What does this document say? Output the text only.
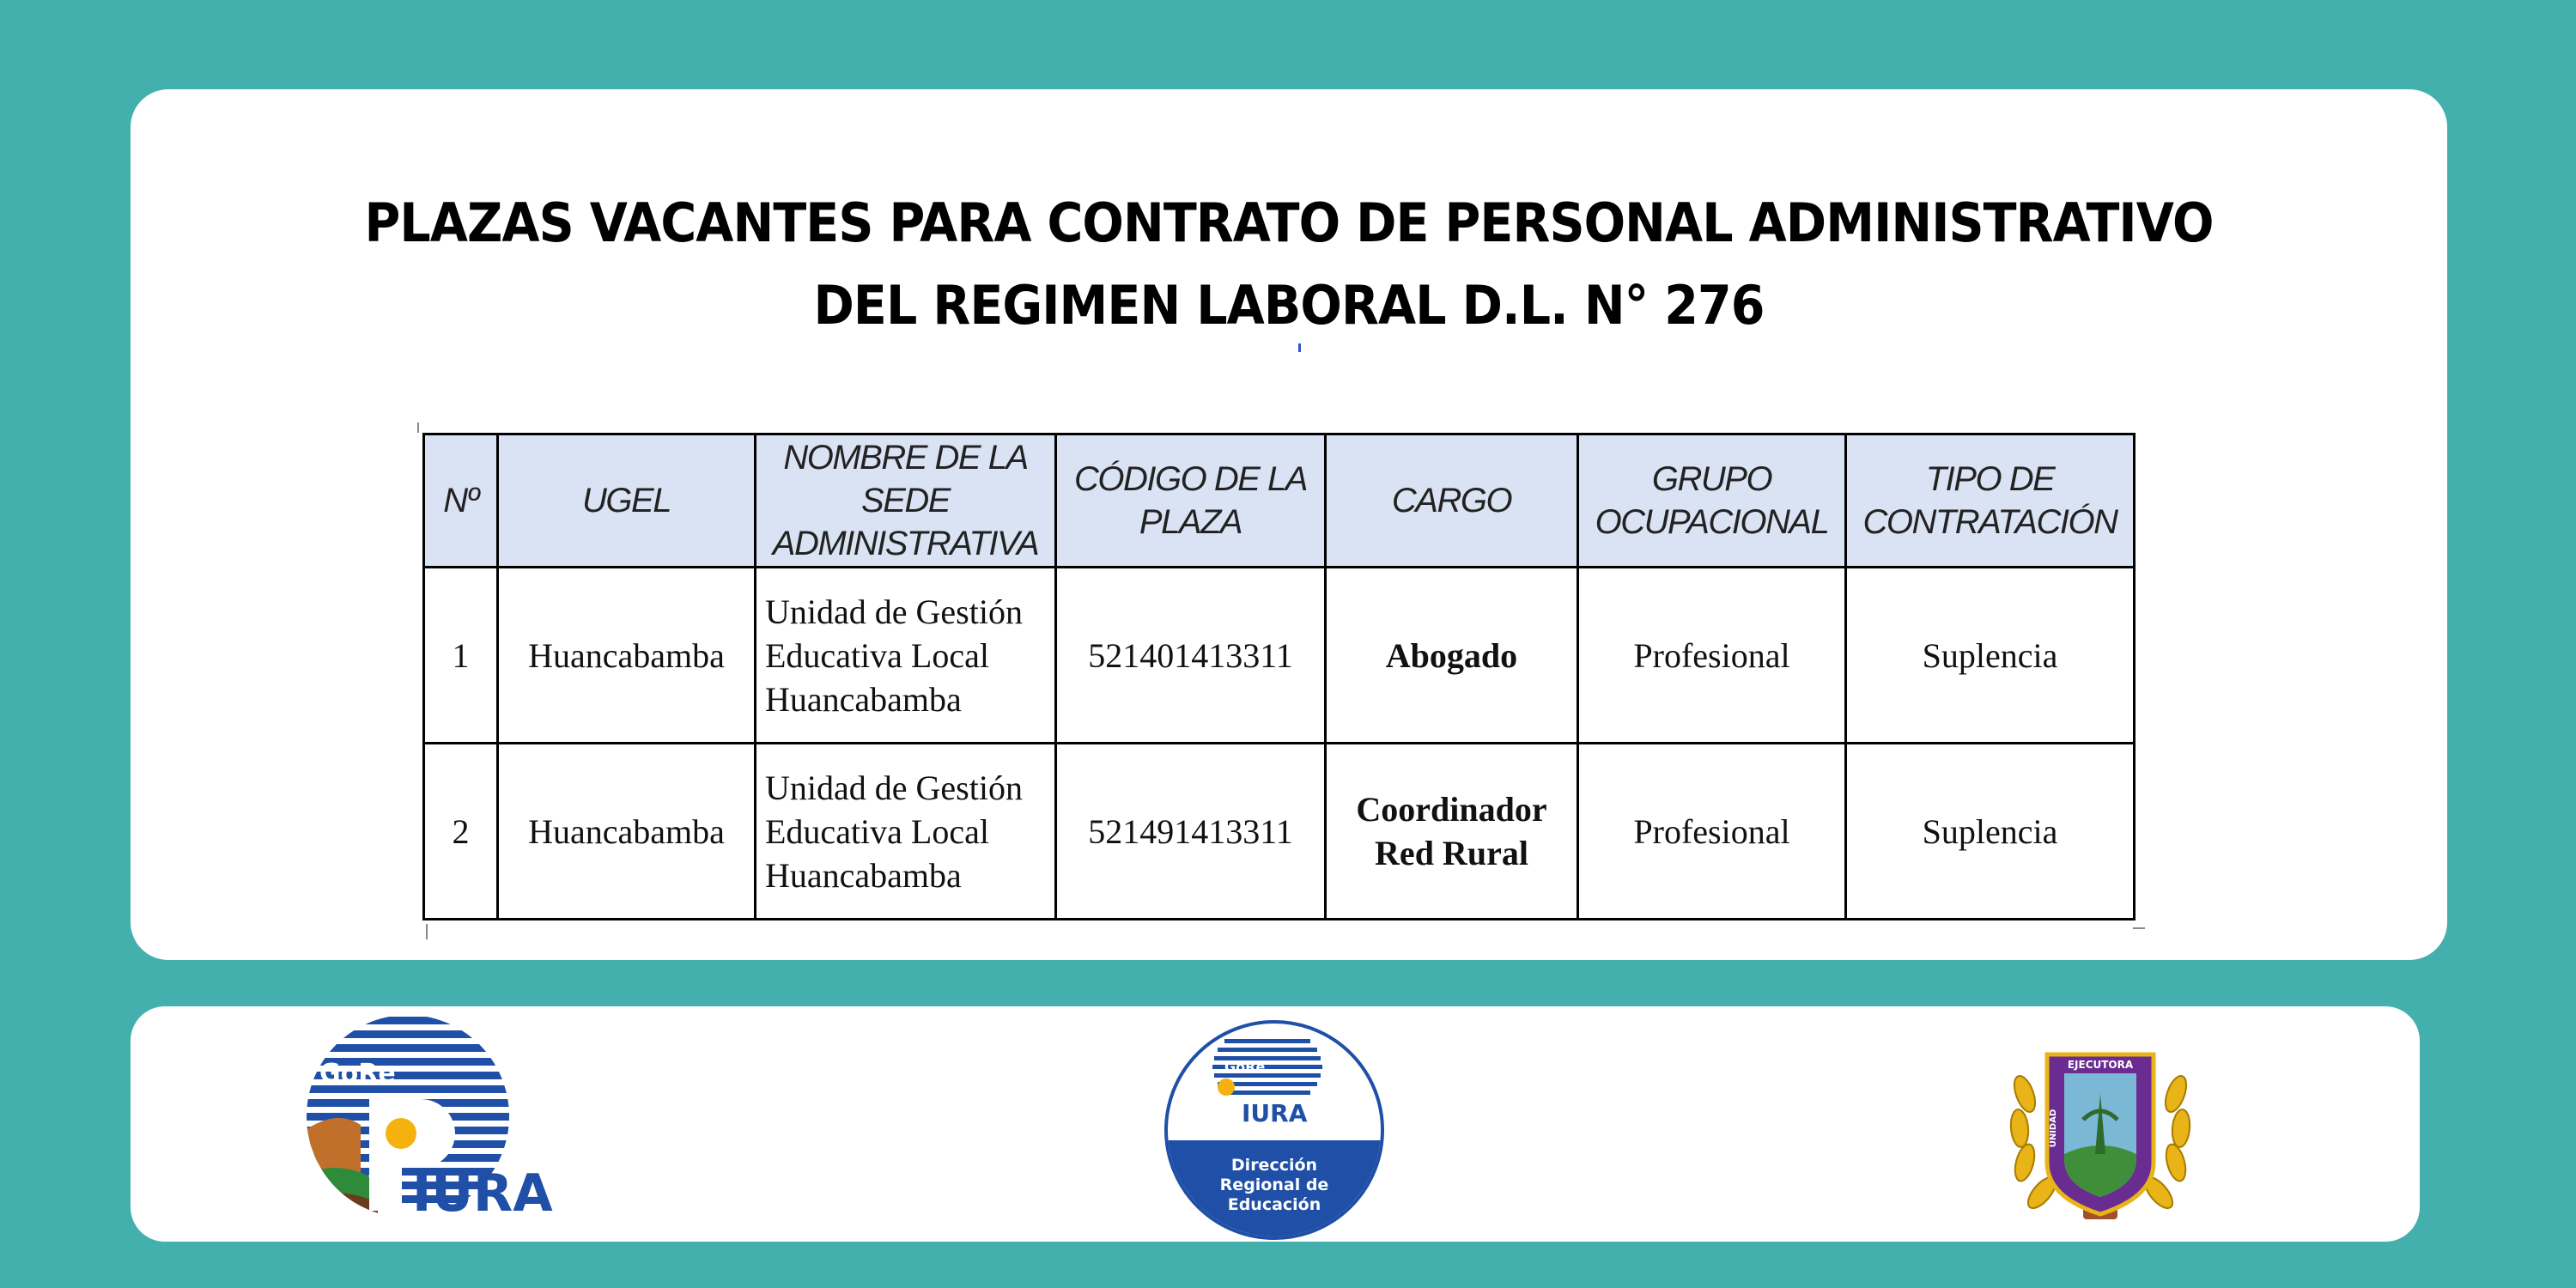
PLAZAS VACANTES PARA CONTRATO DE PERSONAL ADMINISTRATIVO
DEL REGIMEN LABORAL D.L. N° 276
Nº	UGEL	NOMBRE DE LA SEDE ADMINISTRATIVA	CÓDIGO DE LA PLAZA	CARGO	GRUPO OCUPACIONAL	TIPO DE CONTRATACIÓN
1	Huancabamba	Unidad de Gestión Educativa Local Huancabamba	521401413311	Abogado	Profesional	Suplencia
2	Huancabamba	Unidad de Gestión Educativa Local Huancabamba	521491413311	Coordinador Red Rural	Profesional	Suplencia
GoRe
IURA
GoRe
IURA
Dirección
Regional de
Educación
EJECUTORA
UNIDAD
